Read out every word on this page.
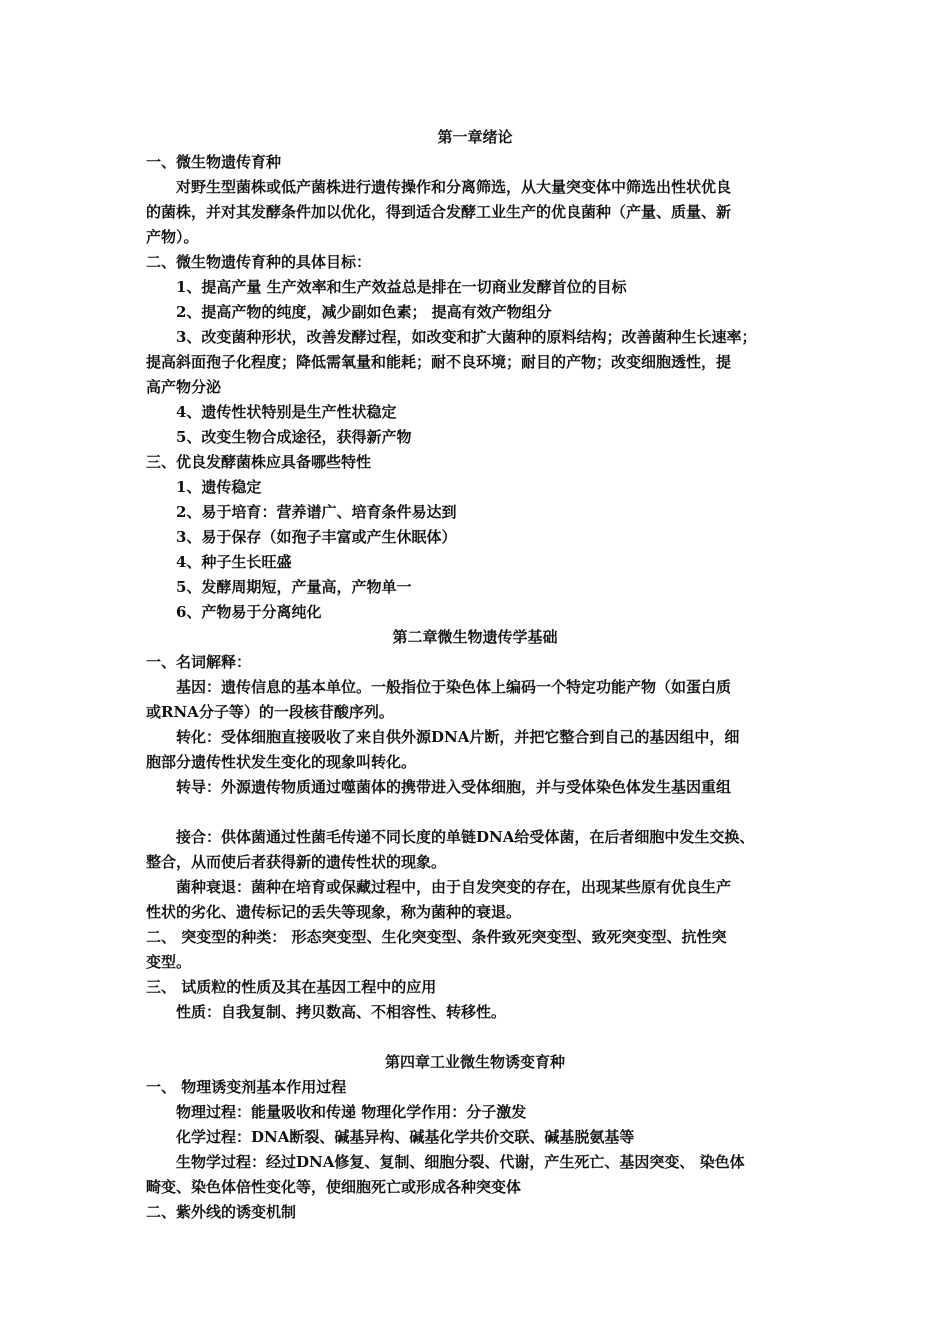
第一章绪论
一、微生物遗传育种
对野生型菌株或低产菌株进行遗传操作和分离筛选，从大量突变体中筛选出性状优良
的菌株，并对其发酵条件加以优化，得到适合发酵工业生产的优良菌种（产量、质量、新
产物）。
二、微生物遗传育种的具体目标：
1、提高产量 生产效率和生产效益总是排在一切商业发酵首位的目标
2、提高产物的纯度，减少副如色素； 提高有效产物组分
3、改变菌种形状，改善发酵过程，如改变和扩大菌种的原料结构；改善菌种生长速率；
提高斜面孢子化程度；降低需氧量和能耗；耐不良环境；耐目的产物；改变细胞透性，提
高产物分泌
4、遗传性状特别是生产性状稳定
5、改变生物合成途径，获得新产物
三、优良发酵菌株应具备哪些特性
1、遗传稳定
2、易于培育：营养谱广、培育条件易达到
3、易于保存（如孢子丰富或产生休眠体）
4、种子生长旺盛
5、发酵周期短，产量高，产物单一
6、产物易于分离纯化
第二章微生物遗传学基础
一、名词解释：
基因：遗传信息的基本单位。一般指位于染色体上编码一个特定功能产物（如蛋白质
或RNA分子等）的一段核苷酸序列。
转化：受体细胞直接吸收了来自供外源DNA片断，并把它整合到自己的基因组中，细
胞部分遗传性状发生变化的现象叫转化。
转导：外源遗传物质通过噬菌体的携带进入受体细胞，并与受体染色体发生基因重组
接合：供体菌通过性菌毛传递不同长度的单链DNA给受体菌，在后者细胞中发生交换、
整合，从而使后者获得新的遗传性状的现象。
菌种衰退：菌种在培育或保藏过程中，由于自发突变的存在，出现某些原有优良生产
性状的劣化、遗传标记的丢失等现象，称为菌种的衰退。
二、 突变型的种类： 形态突变型、生化突变型、条件致死突变型、致死突变型、抗性突
变型。
三、 试质粒的性质及其在基因工程中的应用
性质：自我复制、拷贝数高、不相容性、转移性。
第四章工业微生物诱变育种
一、 物理诱变剂基本作用过程
物理过程：能量吸收和传递 物理化学作用：分子激发
化学过程：DNA断裂、碱基异构、碱基化学共价交联、碱基脱氨基等
生物学过程：经过DNA修复、复制、细胞分裂、代谢，产生死亡、基因突变、 染色体
畸变、染色体倍性变化等，使细胞死亡或形成各种突变体
二、紫外线的诱变机制
